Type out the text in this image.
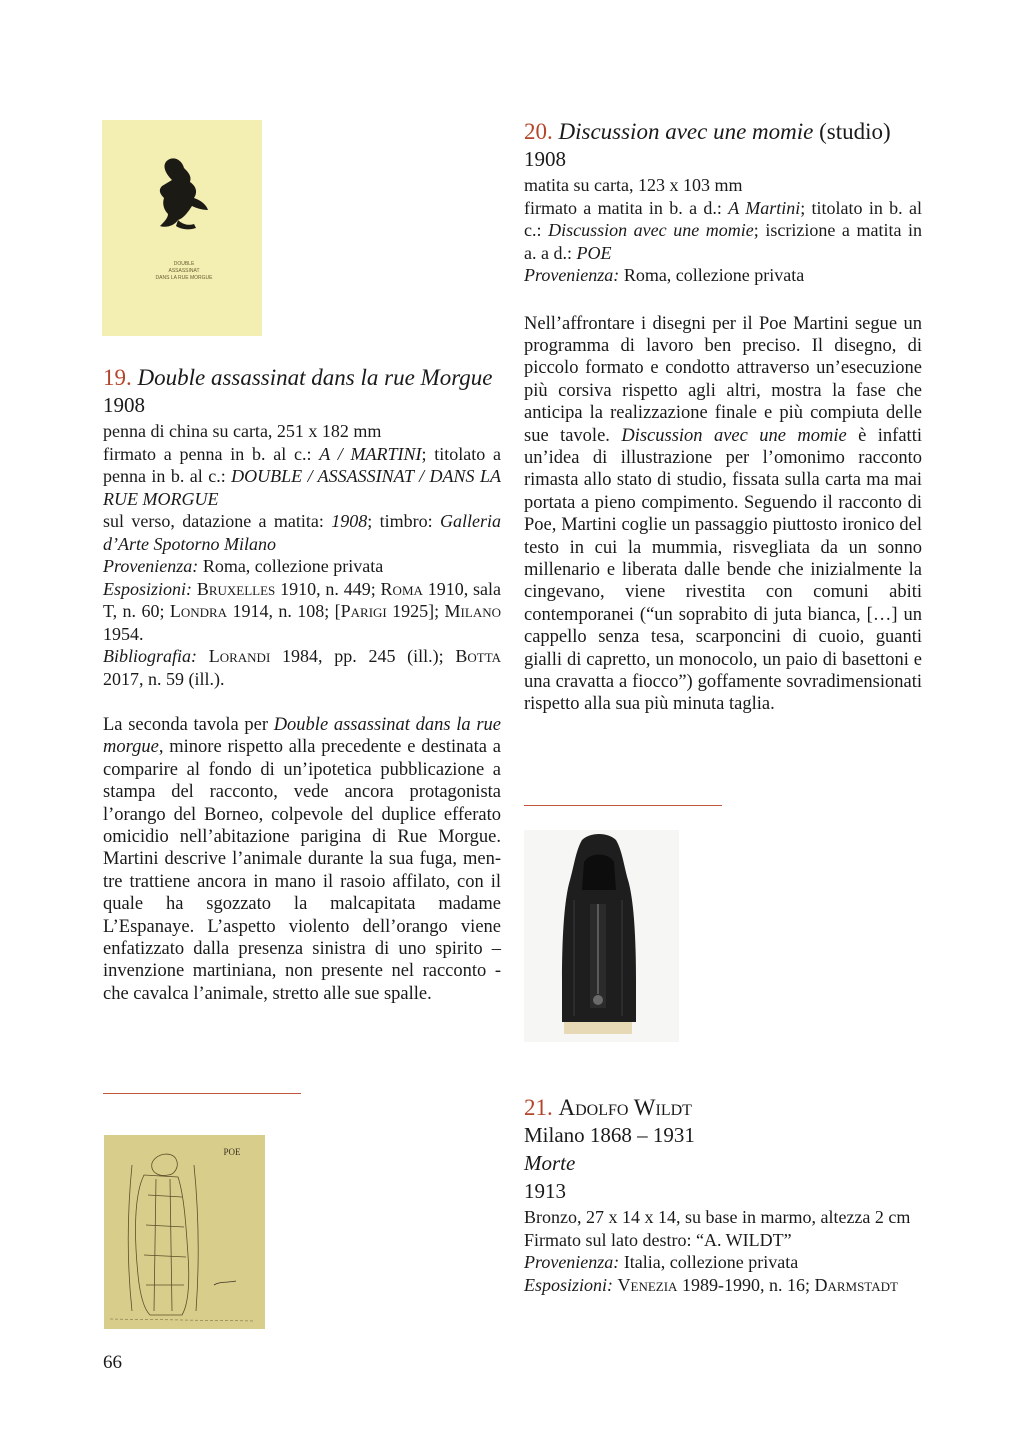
DOUBLE
ASSASSINAT
DANS LA RUE MORGUE
19. Double assassinat dans la rue Morgue

1908

penna di china su carta, 251 x 182 mm
firmato a penna in b. al c.: A / MARTINI; titolato a penna in b. al c.: DOUBLE / ASSASSINAT / DANS LA RUE MORGUE
sul verso, datazione a matita: 1908; timbro: Galleria d’Arte Spotorno Milano
Provenienza: Roma, collezione privata
Esposizioni: Bruxelles 1910, n. 449; Roma 1910, sala T, n. 60; Londra 1914, n. 108; [Parigi 1925]; Milano 1954.
Bibliografia: Lorandi 1984, pp. 245 (ill.); Botta 2017, n. 59 (ill.).

La seconda tavola per Double assassinat dans la rue morgue, minore rispetto alla precedente e destinata a comparire al fondo di un’ipotetica pubblicazione a stampa del racconto, vede ancora protagonista l’orango del Borneo, colpevole del duplice efferato omicidio nell’abitazione parigina di Rue Morgue. Martini descrive l’animale durante la sua fuga, mentre trattiene ancora in mano il rasoio affilato, con il quale ha sgozzato la malcapitata madame L’Espanaye. L’aspetto violento dell’orango viene enfatizzato dalla presenza sinistra di uno spirito – invenzione martiniana, non presente nel racconto - che cavalca l’animale, stretto alle sue spalle.

POE
20. Discussion avec une momie (studio)

1908

matita su carta, 123 x 103 mm
firmato a matita in b. a d.: A Martini; titolato in b. al c.: Discussion avec une momie; iscrizione a matita in a. a d.: POE
Provenienza: Roma, collezione privata

Nell’affrontare i disegni per il Poe Martini segue un programma di lavoro ben preciso. Il disegno, di piccolo formato e condotto attraverso un’esecuzione più corsiva rispetto agli altri, mostra la fase che anticipa la realizzazione finale e più compiuta delle sue tavole. Discussion avec une momie è infatti un’idea di illustrazione per l’omonimo racconto rimasta allo stato di studio, fissata sulla carta ma mai portata a pieno compimento. Seguendo il racconto di Poe, Martini coglie un passaggio piuttosto ironico del testo in cui la mummia, risvegliata da un sonno millenario e liberata dalle bende che inizialmente la cingevano, viene rivestita con comuni abiti contemporanei (“un soprabito di juta bianca, […] un cappello senza tesa, scarponcini di cuoio, guanti gialli di capretto, un monocolo, un paio di basettoni e una cravatta a fiocco”) goffamente sovradimensionati rispetto alla sua più minuta taglia.

21. Adolfo Wildt

Milano 1868 – 1931

Morte

1913

Bronzo, 27 x 14 x 14, su base in marmo, altezza 2 cm
Firmato sul lato destro: “A. WILDT”
Provenienza: Italia, collezione privata
Esposizioni: Venezia 1989-1990, n. 16; Darmstadt

66
